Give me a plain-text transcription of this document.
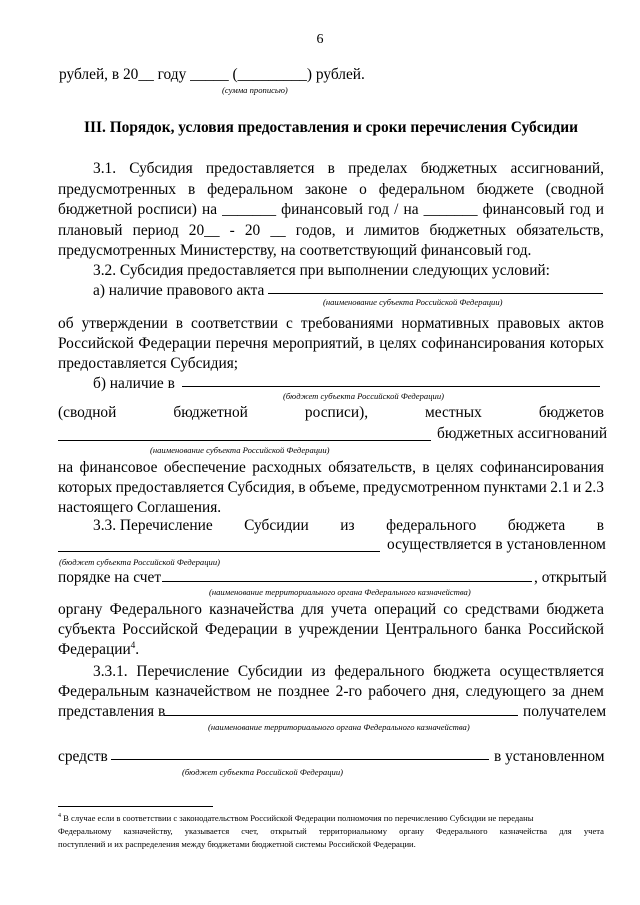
6
рублей, в 20__ году _____ (_________) рублей.
(сумма прописью)
III. Порядок, условия предоставления и сроки перечисления Субсидии
3.1. Субсидия предоставляется в пределах бюджетных ассигнований,
предусмотренных в федеральном законе о федеральном бюджете (сводной
бюджетной росписи) на _______ финансовый год / на _______ финансовый год и
плановый период 20__ - 20 __ годов, и лимитов бюджетных обязательств,
предусмотренных Министерству, на соответствующий финансовый год.
3.2. Субсидия предоставляется при выполнении следующих условий:
а) наличие правового акта
(наименование субъекта Российской Федерации)
об утверждении в соответствии с требованиями нормативных правовых актов
Российской Федерации перечня мероприятий, в целях софинансирования которых
предоставляется Субсидия;
б) наличие в
(бюджет субъекта Российской Федерации)
(сводной	бюджетной	росписи),	местных	бюджетов
бюджетных ассигнований
(наименование субъекта Российской Федерации)
на финансовое обеспечение расходных обязательств, в целях софинансирования
которых предоставляется Субсидия, в объеме, предусмотренном пунктами 2.1 и 2.3
настоящего Соглашения.
3.3. Перечисление Субсидии из федерального бюджета в
осуществляется в установленном
(бюджет субъекта Российской Федерации)
порядке на счет	, открытый
(наименование территориального органа Федерального казначейства)
органу Федерального казначейства для учета операций со средствами бюджета
субъекта Российской Федерации в учреждении Центрального банка Российской
Федерации$^4$.
3.3.1. Перечисление Субсидии из федерального бюджета осуществляется
Федеральным казначейством не позднее 2-го рабочего дня, следующего за днем
представления в	получателем
(наименование территориального органа Федерального казначейства)
средств	в установленном
(бюджет субъекта Российской Федерации)
$^4$ В случае если в соответствии с законодательством Российской Федерации полномочия по перечислению Субсидии не переданы
Федеральному казначейству, указывается счет, открытый территориальному органу Федерального казначейства для учета
поступлений и их распределения между бюджетами бюджетной системы Российской Федерации.
